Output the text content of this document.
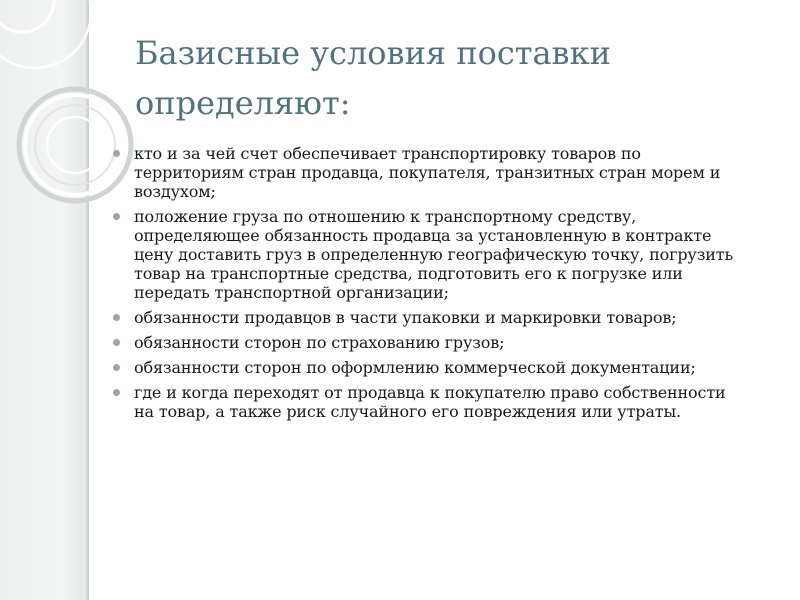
Базисные условия поставки определяют:
кто и за чей счет обеспечивает транспортировку товаров по территориям стран продавца, покупателя, транзитных стран морем и воздухом;
положение груза по отношению к транспортному средству, определяющее обязанность продавца за установленную в контракте цену доставить груз в определенную географическую точку, погрузить товар на транспортные средства, подготовить его к погрузке или передать транспортной организации;
обязанности продавцов в части упаковки и маркировки товаров;
обязанности сторон по страхованию грузов;
обязанности сторон по оформлению коммерческой документации;
где и когда переходят от продавца к покупателю право собственности на товар, а также риск случайного его повреждения или утраты.
